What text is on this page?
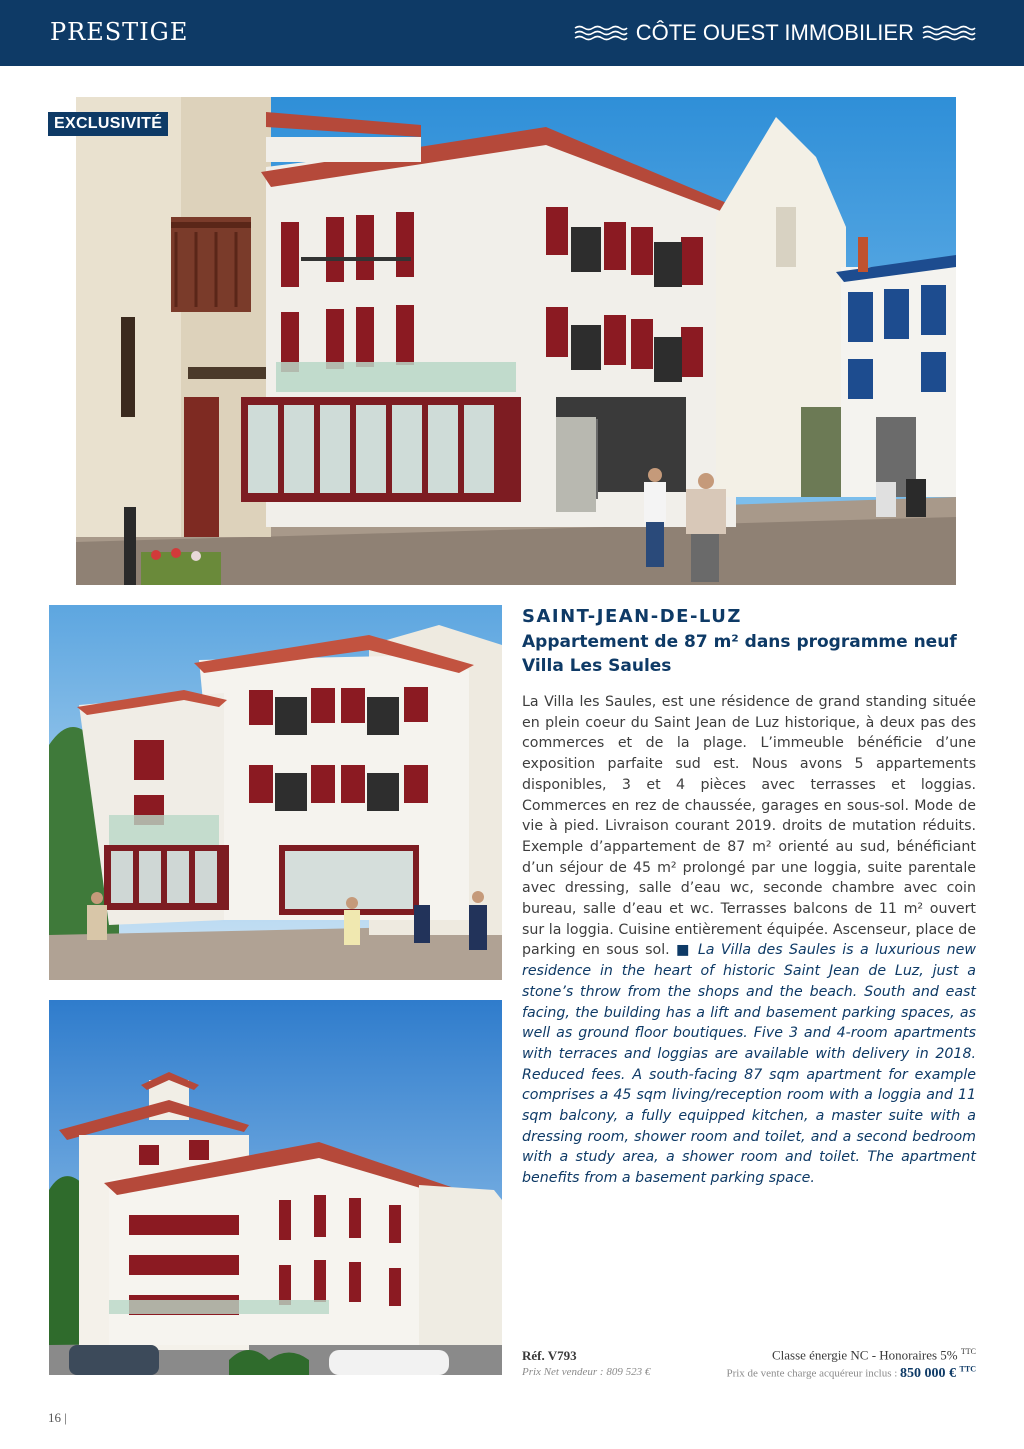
PRESTIGE	CÔTE OUEST IMMOBILIER
EXCLUSIVITÉ
SAINT-JEAN-DE-LUZ
Appartement de 87 m² dans programme neuf
Villa Les Saules
La Villa les Saules, est une résidence de grand standing située en plein coeur du Saint Jean de Luz historique, à deux pas des commerces et de la plage. L’immeuble bénéficie d’une exposition parfaite sud est. Nous avons 5 appartements disponibles, 3 et 4 pièces avec terrasses et loggias. Commerces en rez de chaussée, garages en sous-sol. Mode de vie à pied. Livraison courant 2019. droits de mutation réduits. Exemple d’appartement de 87 m² orienté au sud, bénéficiant d’un séjour de 45 m² prolongé par une loggia, suite parentale avec dressing, salle d’eau wc, seconde chambre avec coin bureau, salle d’eau et wc. Terrasses balcons de 11 m² ouvert sur la loggia. Cuisine entièrement équipée. Ascenseur, place de parking en sous sol. ■ La Villa des Saules is a luxurious new residence in the heart of historic Saint Jean de Luz, just a stone’s throw from the shops and the beach. South and east facing, the building has a lift and basement parking spaces, as well as ground floor boutiques. Five 3 and 4-room apartments with terraces and loggias are available with delivery in 2018. Reduced fees. A south-facing 87 sqm apartment for example comprises a 45 sqm living/reception room with a loggia and 11 sqm balcony, a fully equipped kitchen, a master suite with a dressing room, shower room and toilet, and a second bedroom with a study area, a shower room and toilet. The apartment benefits from a basement parking space.
Réf. V793
Prix Net vendeur : 809 523 €
Classe énergie NC - Honoraires 5% $^{TTC}$
Prix de vente charge acquéreur inclus : 850 000 € $^{TTC}$
16 |
